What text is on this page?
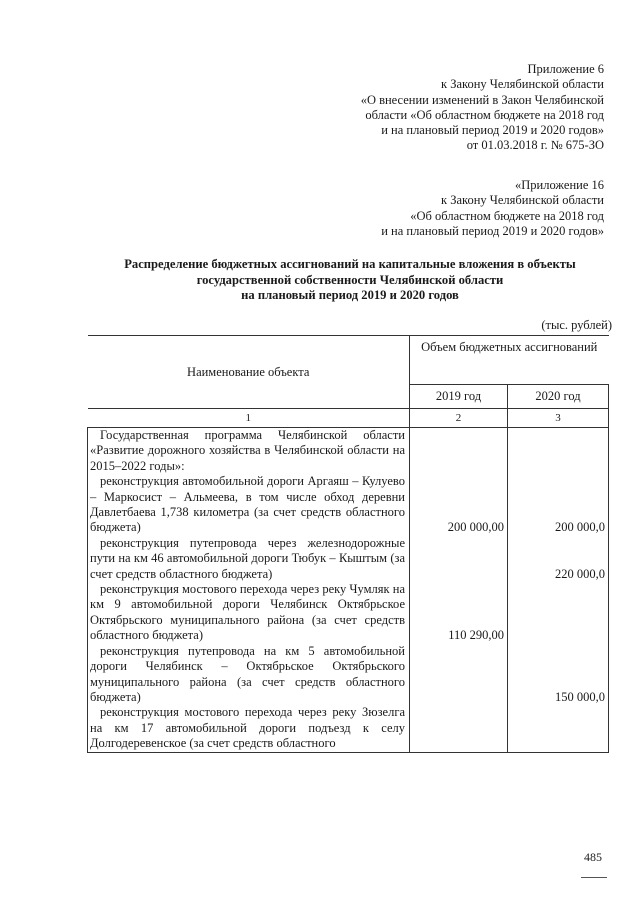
Приложение 6
к Закону Челябинской области
«О внесении изменений в Закон Челябинской
области «Об областном бюджете на 2018 год
и на плановый период 2019 и 2020 годов»
от 01.03.2018 г. № 675-ЗО
«Приложение 16
к Закону Челябинской области
«Об областном бюджете на 2018 год
и на плановый период 2019 и 2020 годов»
Распределение бюджетных ассигнований на капитальные вложения в объекты
государственной собственности Челябинской области
на плановый период 2019 и 2020 годов
(тыс. рублей)
Наименование объекта	Объем бюджетных ассигнований	
	2019 год	2020 год
1	2	3
Государственная программа Челябинской области «Развитие дорожного хозяйства в Челябинской области на 2015–2022 годы»:		
реконструкция автомобильной дороги Аргаяш – Кулуево – Маркосист – Альмеева, в том числе обход деревни Давлетбаева 1,738 километра (за счет средств областного бюджета)	200 000,00	200 000,0
реконструкция путепровода через железнодорожные пути на км 46 автомобильной дороги Тюбук – Кыштым (за счет средств областного бюджета)		220 000,0
реконструкция мостового перехода через реку Чумляк на км 9 автомобильной дороги Челябинск Октябрьское Октябрьского муниципального района (за счет средств областного бюджета)	110 290,00	
реконструкция путепровода на км 5 автомобильной дороги Челябинск – Октябрьское Октябрьского муниципального района (за счет средств областного бюджета)		150 000,0
реконструкция мостового перехода через реку Зюзелга на км 17 автомобильной дороги подъезд к селу Долгодеревенское (за счет средств областного		
485
